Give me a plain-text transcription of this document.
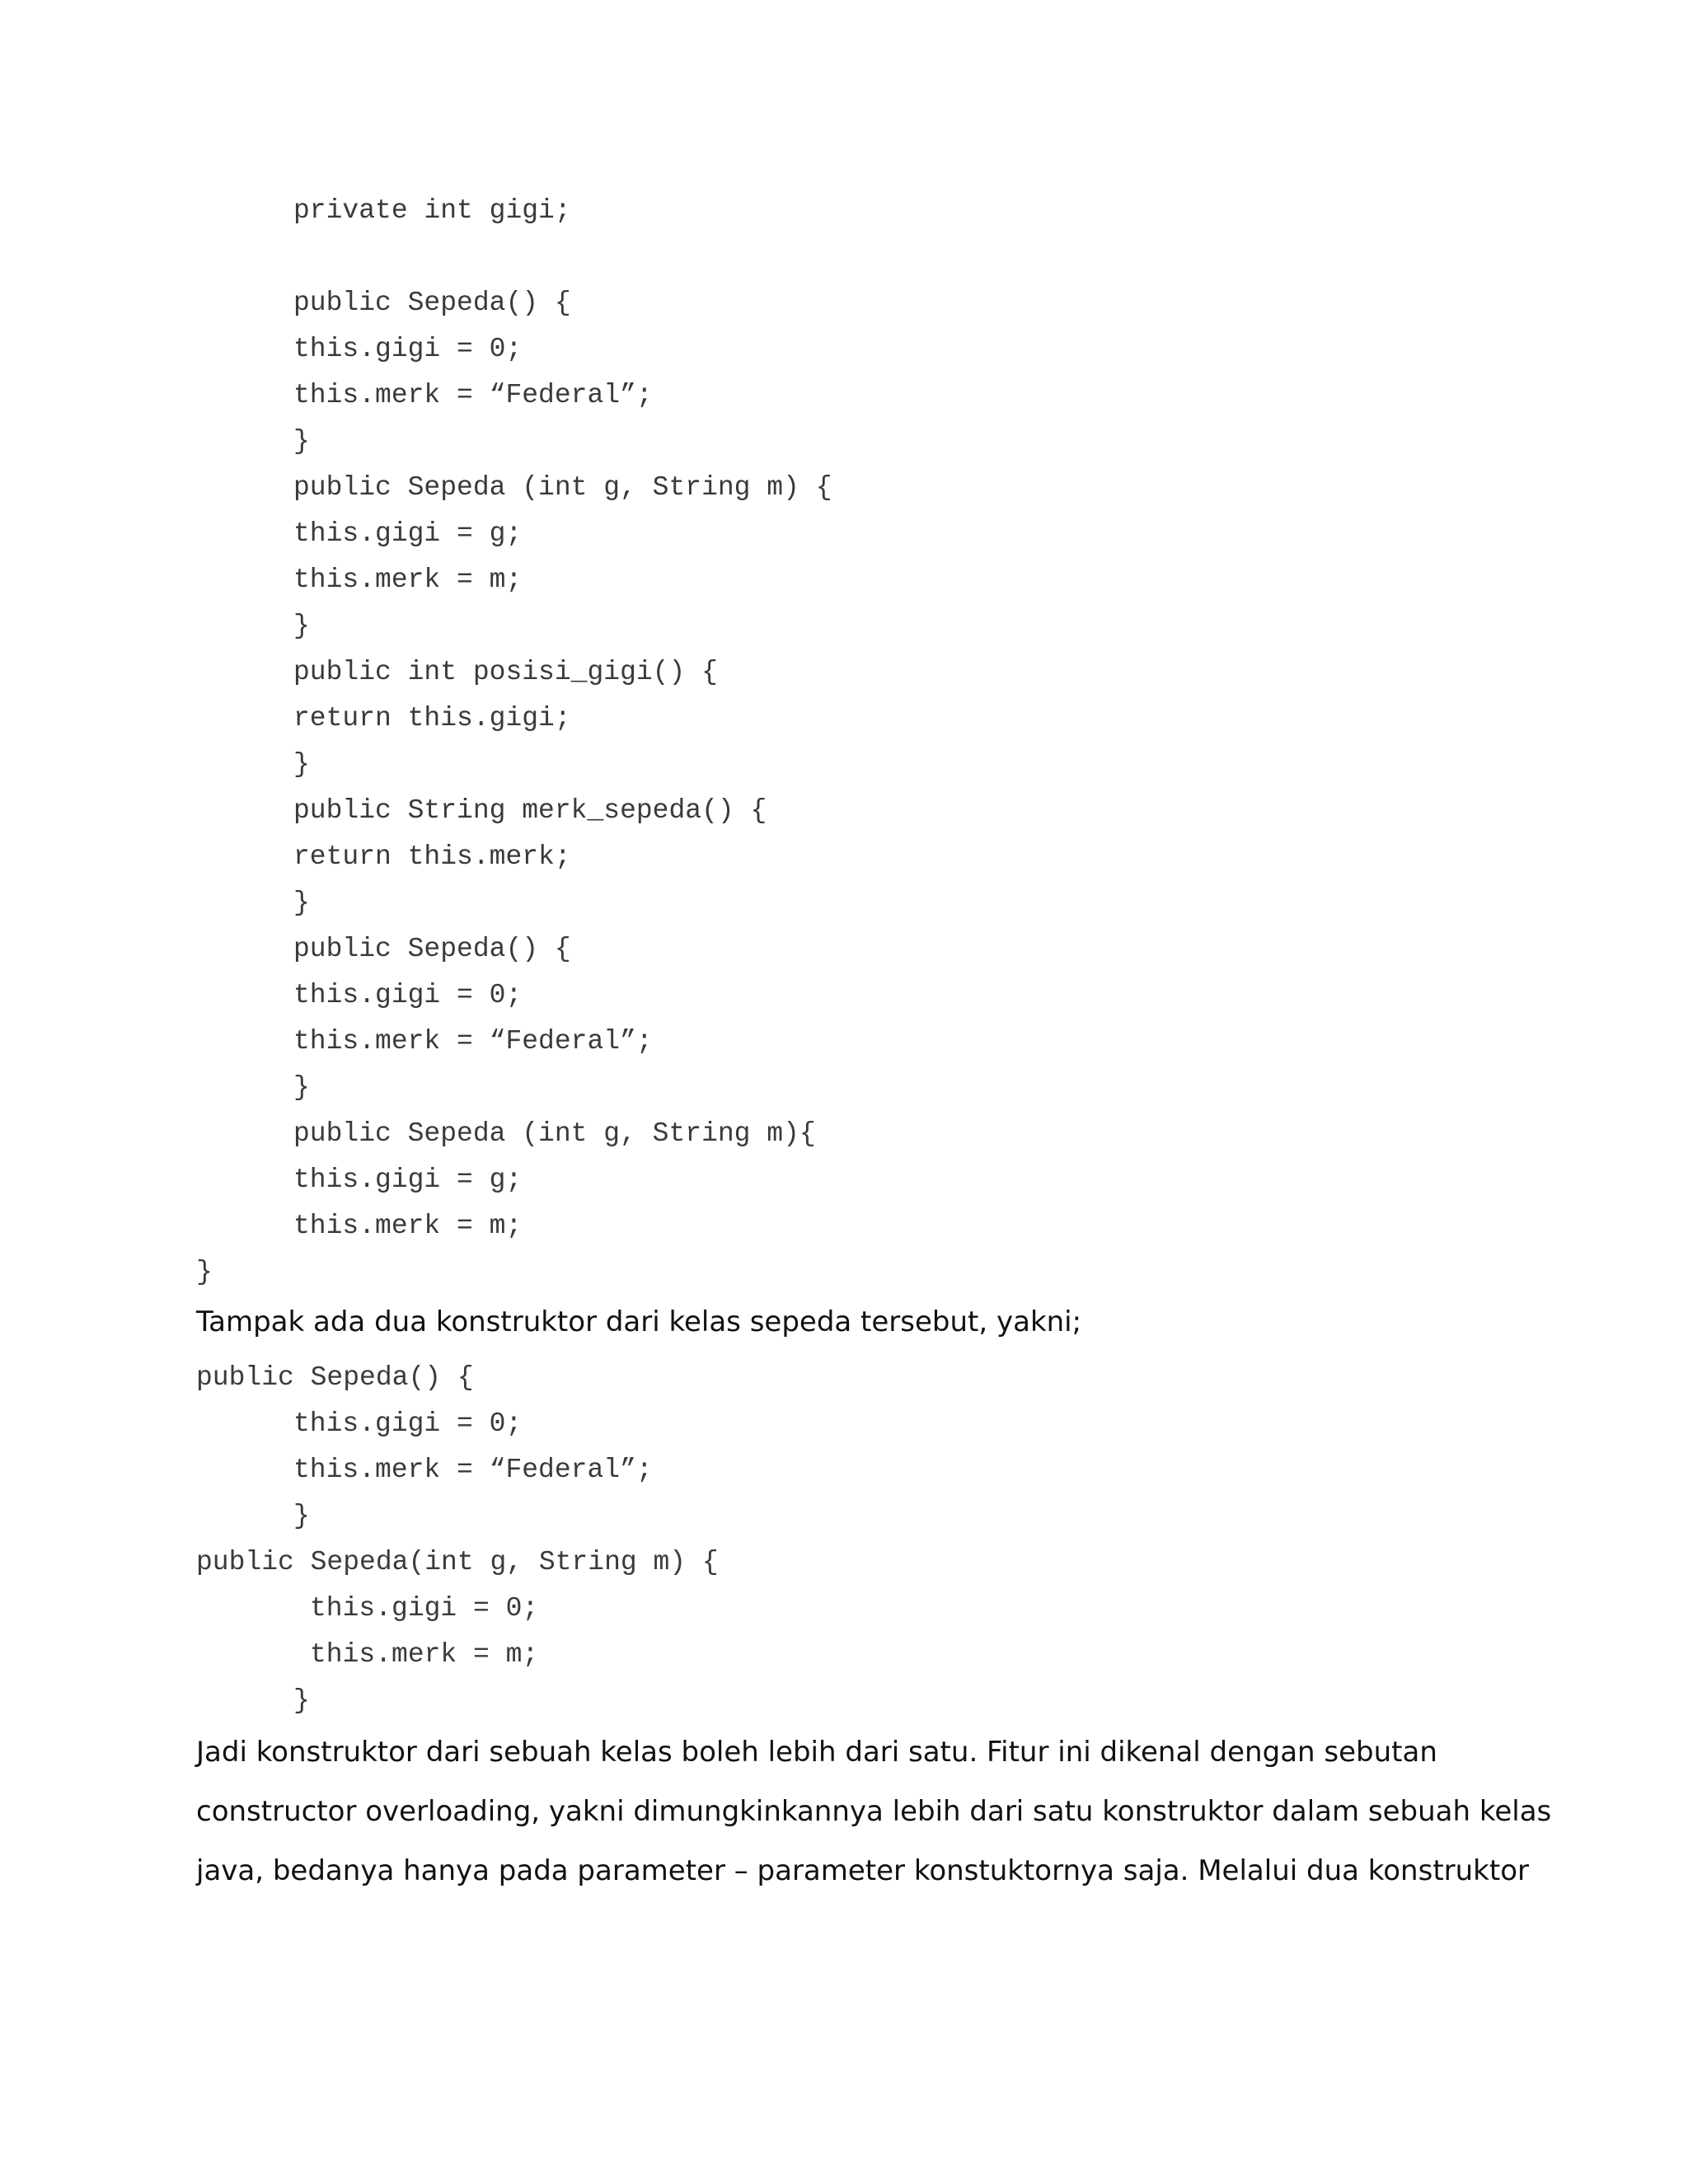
private int gigi;
public Sepeda() {
this.gigi = 0;
this.merk = “Federal”;
}
public Sepeda (int g, String m) {
this.gigi = g;
this.merk = m;
}
public int posisi_gigi() {
return this.gigi;
}
public String merk_sepeda() {
return this.merk;
}
public Sepeda() {
this.gigi = 0;
this.merk = “Federal”;
}
public Sepeda (int g, String m){
this.gigi = g;
this.merk = m;
}

Tampak ada dua konstruktor dari kelas sepeda tersebut, yakni;

public Sepeda() {
this.gigi = 0;
this.merk = “Federal”;
}
public Sepeda(int g, String m) {
this.gigi = 0;
this.merk = m;
}

Jadi konstruktor dari sebuah kelas boleh lebih dari satu. Fitur ini dikenal dengan sebutan

constructor overloading, yakni dimungkinkannya lebih dari satu konstruktor dalam sebuah kelas

java, bedanya hanya pada parameter – parameter konstuktornya saja. Melalui dua konstruktor
